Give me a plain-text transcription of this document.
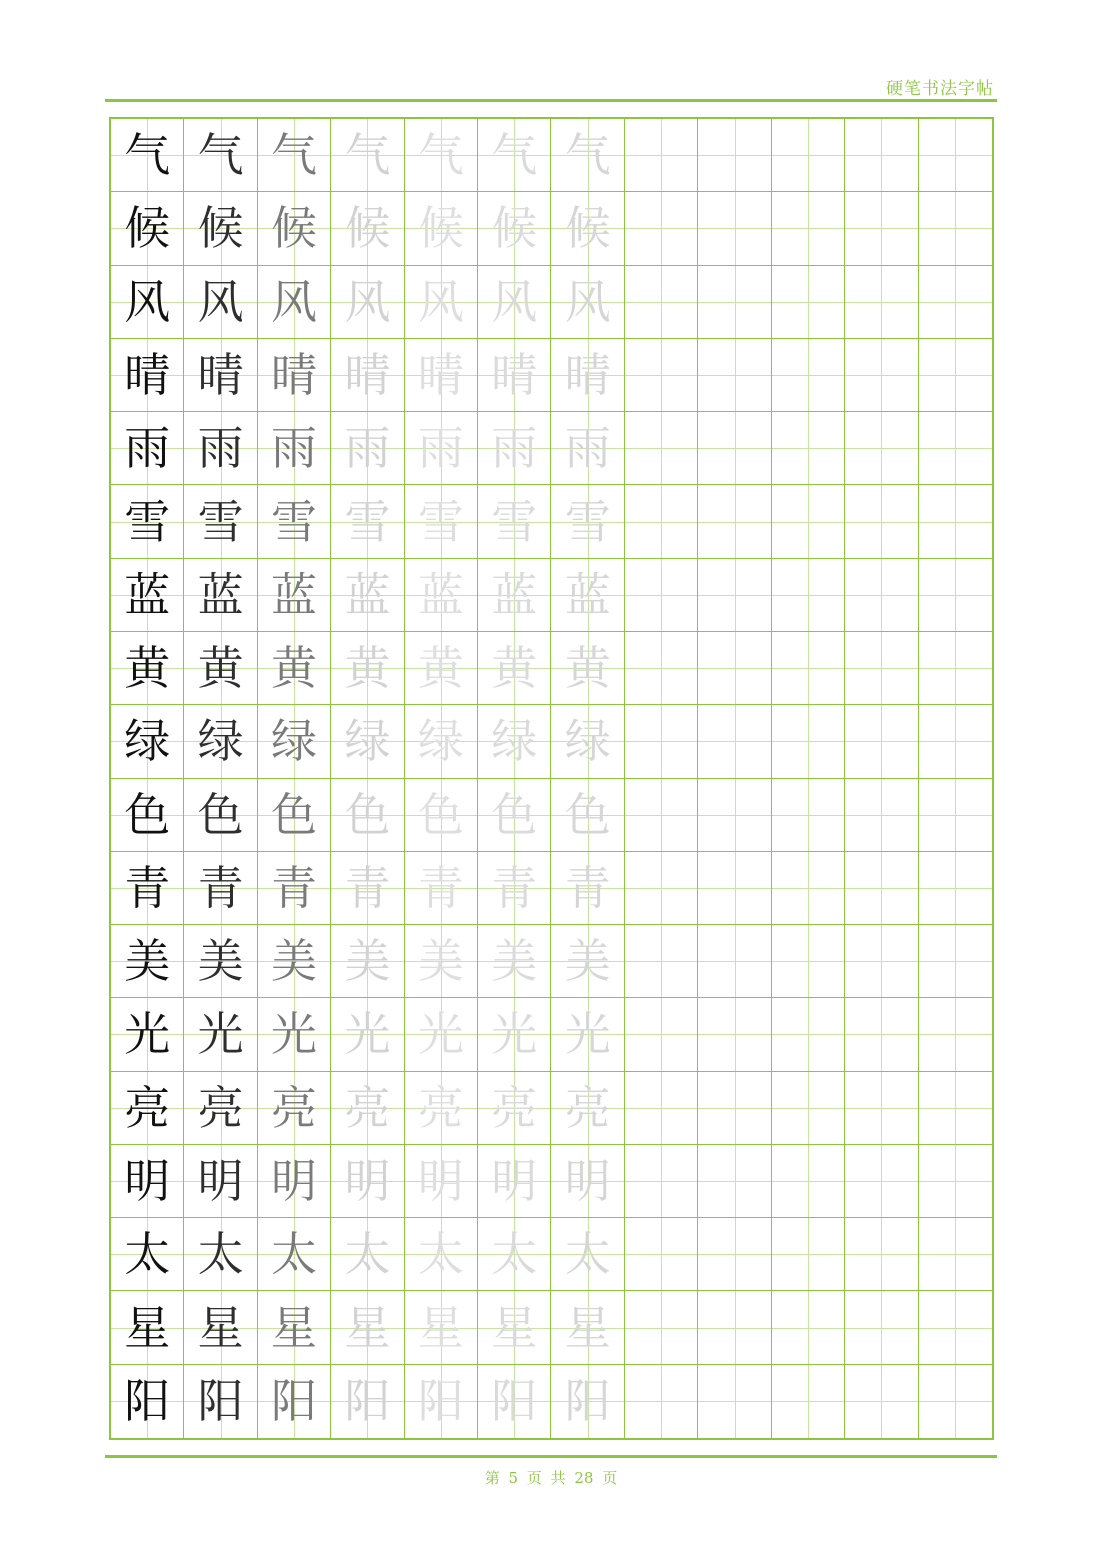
硬笔书法字帖
气 气 气 气 气 气 气
候 候 候 候 候 候 候
风 风 风 风 风 风 风
晴 晴 晴 晴 晴 晴 晴
雨 雨 雨 雨 雨 雨 雨
雪 雪 雪 雪 雪 雪 雪
蓝 蓝 蓝 蓝 蓝 蓝 蓝
黄 黄 黄 黄 黄 黄 黄
绿 绿 绿 绿 绿 绿 绿
色 色 色 色 色 色 色
青 青 青 青 青 青 青
美 美 美 美 美 美 美
光 光 光 光 光 光 光
亮 亮 亮 亮 亮 亮 亮
明 明 明 明 明 明 明
太 太 太 太 太 太 太
星 星 星 星 星 星 星
阳 阳 阳 阳 阳 阳 阳
第 5 页 共 28 页
